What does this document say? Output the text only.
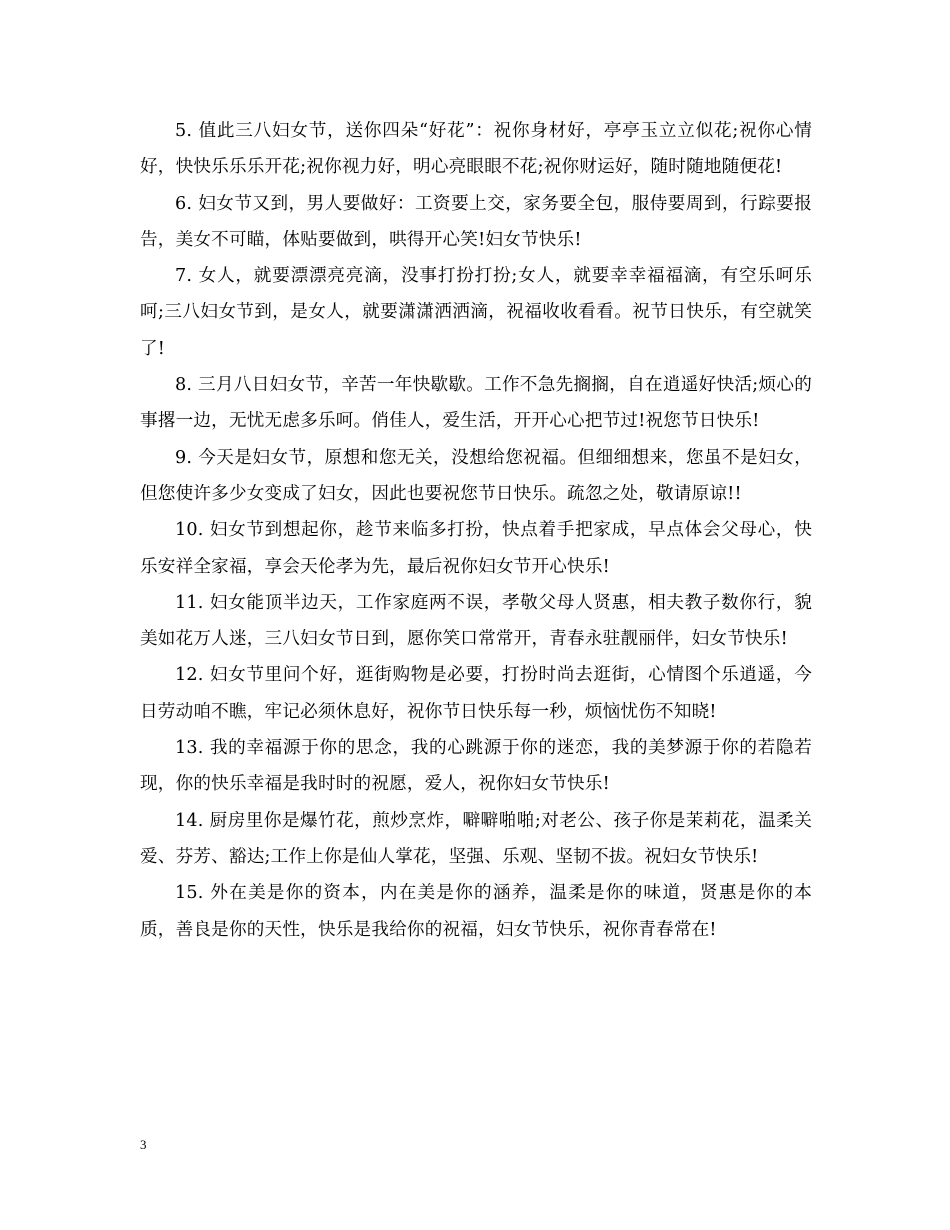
5. 值此三八妇女节，送你四朵“好花”：祝你身材好，亭亭玉立立似花;祝你心情好，快快乐乐乐开花;祝你视力好，明心亮眼眼不花;祝你财运好，随时随地随便花!

6. 妇女节又到，男人要做好：工资要上交，家务要全包，服侍要周到，行踪要报告，美女不可瞄，体贴要做到，哄得开心笑!妇女节快乐!

7. 女人，就要漂漂亮亮滴，没事打扮打扮;女人，就要幸幸福福滴，有空乐呵乐呵;三八妇女节到，是女人，就要潇潇洒洒滴，祝福收收看看。祝节日快乐，有空就笑了!

8. 三月八日妇女节，辛苦一年快歇歇。工作不急先搁搁，自在逍遥好快活;烦心的事撂一边，无忧无虑多乐呵。俏佳人，爱生活，开开心心把节过!祝您节日快乐!

9. 今天是妇女节，原想和您无关，没想给您祝福。但细细想来，您虽不是妇女，但您使许多少女变成了妇女，因此也要祝您节日快乐。疏忽之处，敬请原谅!!

10. 妇女节到想起你，趁节来临多打扮，快点着手把家成，早点体会父母心，快乐安祥全家福，享会天伦孝为先，最后祝你妇女节开心快乐!

11. 妇女能顶半边天，工作家庭两不误，孝敬父母人贤惠，相夫教子数你行，貌美如花万人迷，三八妇女节日到，愿你笑口常常开，青春永驻靓丽伴，妇女节快乐!

12. 妇女节里问个好，逛街购物是必要，打扮时尚去逛街，心情图个乐逍遥，今日劳动咱不瞧，牢记必须休息好，祝你节日快乐每一秒，烦恼忧伤不知晓!

13. 我的幸福源于你的思念，我的心跳源于你的迷恋，我的美梦源于你的若隐若现，你的快乐幸福是我时时的祝愿，爱人，祝你妇女节快乐!

14. 厨房里你是爆竹花，煎炒烹炸，噼噼啪啪;对老公、孩子你是茉莉花，温柔关爱、芬芳、豁达;工作上你是仙人掌花，坚强、乐观、坚韧不拔。祝妇女节快乐!

15. 外在美是你的资本，内在美是你的涵养，温柔是你的味道，贤惠是你的本质，善良是你的天性，快乐是我给你的祝福，妇女节快乐，祝你青春常在!

3
